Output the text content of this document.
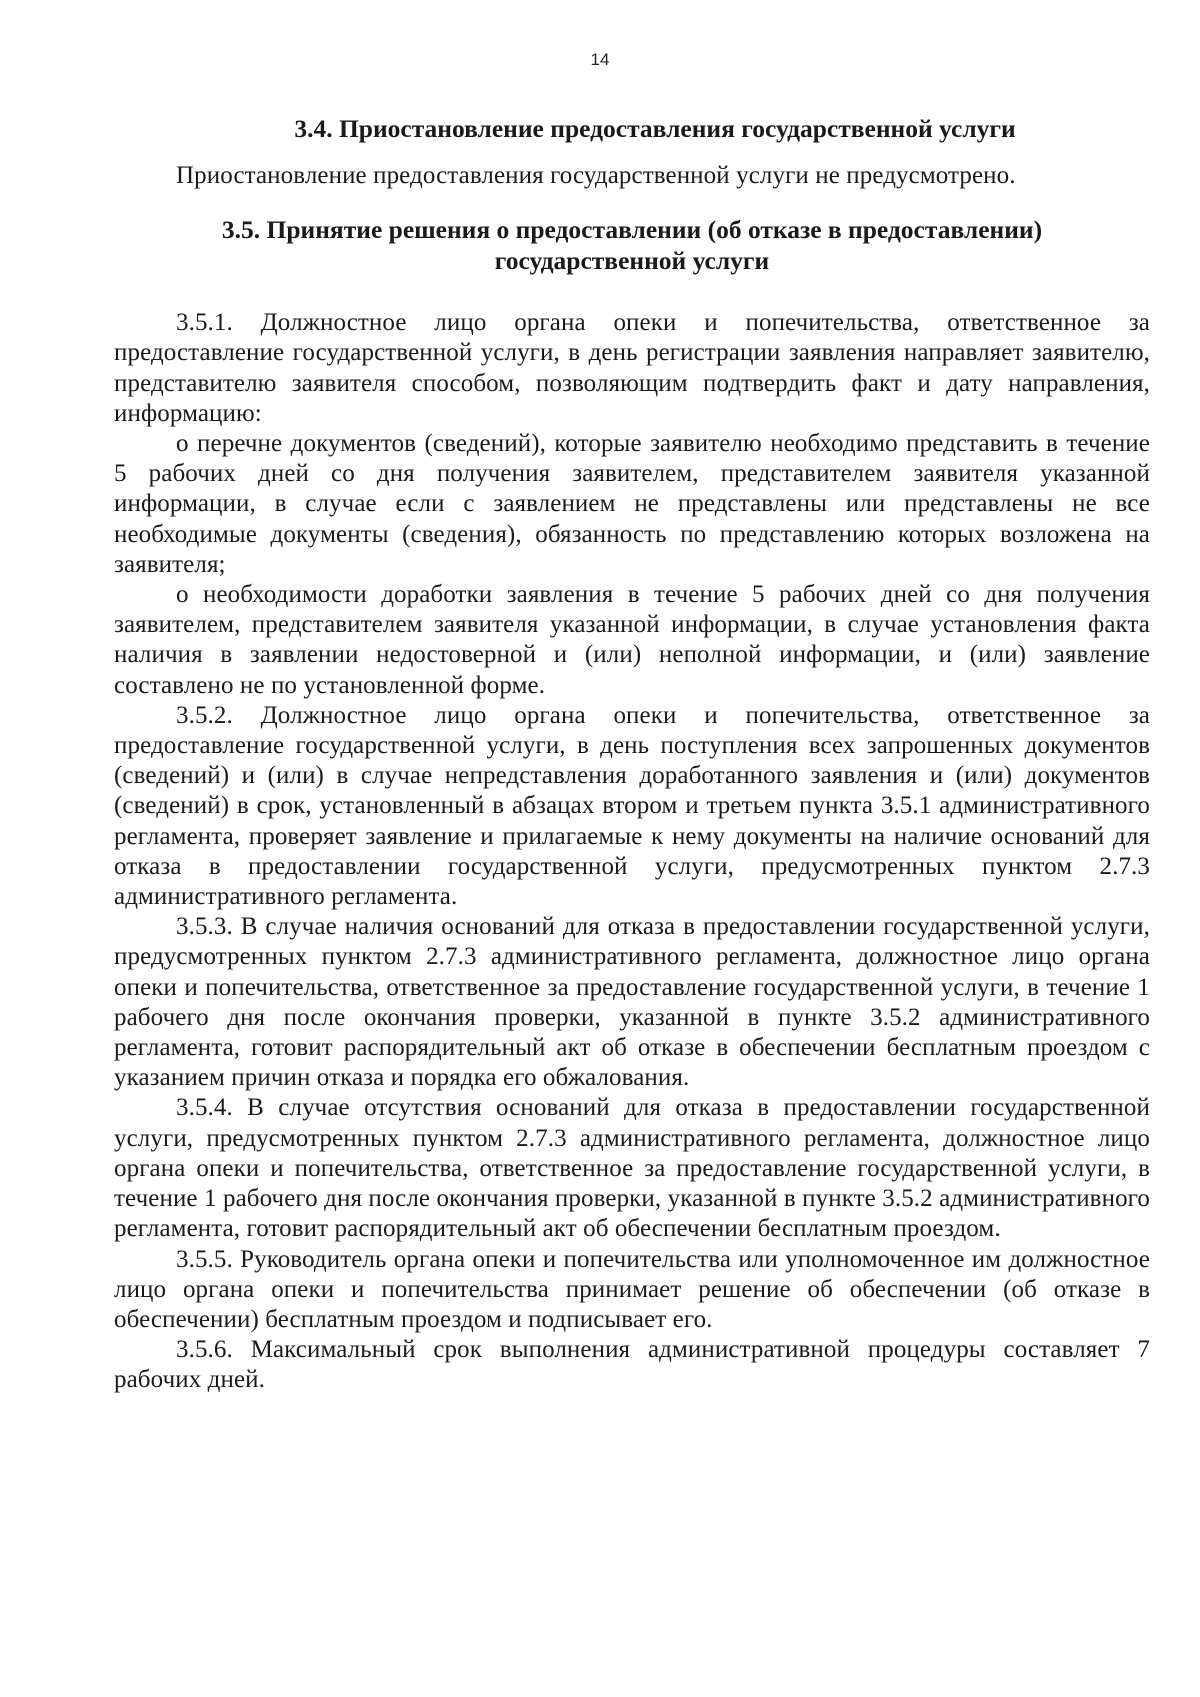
14
3.4. Приостановление предоставления государственной услуги

Приостановление предоставления государственной услуги не предусмотрено.

3.5. Принятие решения о предоставлении (об отказе в предоставлении)
государственной услуги

3.5.1. Должностное лицо органа опеки и попечительства, ответственное за предоставление государственной услуги, в день регистрации заявления направляет заявителю, представителю заявителя способом, позволяющим подтвердить факт и дату направления, информацию:

о перечне документов (сведений), которые заявителю необходимо представить в течение 5 рабочих дней со дня получения заявителем, представителем заявителя указанной информации, в случае если с заявлением не представлены или представлены не все необходимые документы (сведения), обязанность по представлению которых возложена на заявителя;

о необходимости доработки заявления в течение 5 рабочих дней со дня получения заявителем, представителем заявителя указанной информации, в случае установления факта наличия в заявлении недостоверной и (или) неполной информации, и (или) заявление составлено не по установленной форме.

3.5.2. Должностное лицо органа опеки и попечительства, ответственное за предоставление государственной услуги, в день поступления всех запрошенных документов (сведений) и (или) в случае непредставления доработанного заявления и (или) документов (сведений) в срок, установленный в абзацах втором и третьем пункта 3.5.1 административного регламента, проверяет заявление и прилагаемые к нему документы на наличие оснований для отказа в предоставлении государственной услуги, предусмотренных пунктом 2.7.3 административного регламента.

3.5.3. В случае наличия оснований для отказа в предоставлении государственной услуги, предусмотренных пунктом 2.7.3 административного регламента, должностное лицо органа опеки и попечительства, ответственное за предоставление государственной услуги, в течение 1 рабочего дня после окончания проверки, указанной в пункте 3.5.2 административного регламента, готовит распорядительный акт об отказе в обеспечении бесплатным проездом с указанием причин отказа и порядка его обжалования.

3.5.4. В случае отсутствия оснований для отказа в предоставлении государственной услуги, предусмотренных пунктом 2.7.3 административного регламента, должностное лицо органа опеки и попечительства, ответственное за предоставление государственной услуги, в течение 1 рабочего дня после окончания проверки, указанной в пункте 3.5.2 административного регламента, готовит распорядительный акт об обеспечении бесплатным проездом.

3.5.5. Руководитель органа опеки и попечительства или уполномоченное им должностное лицо органа опеки и попечительства принимает решение об обеспечении (об отказе в обеспечении) бесплатным проездом и подписывает его.

3.5.6. Максимальный срок выполнения административной процедуры составляет 7 рабочих дней.
